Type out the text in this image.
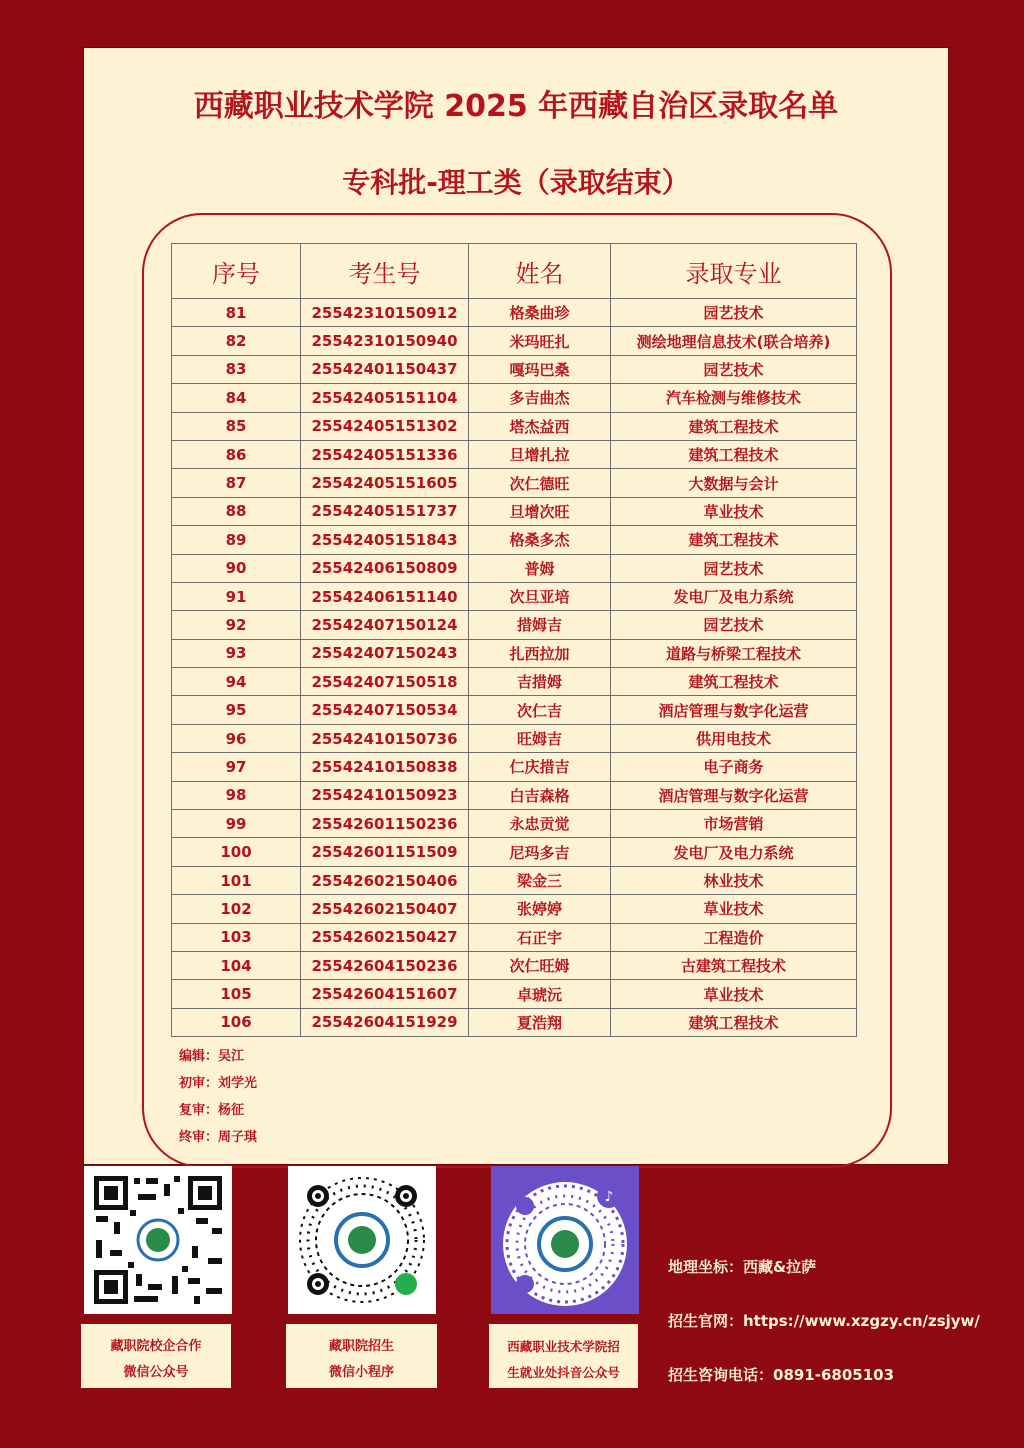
西藏职业技术学院 2025 年西藏自治区录取名单
专科批-理工类（录取结束）
序号	考生号	姓名	录取专业
81	25542310150912	格桑曲珍	园艺技术
82	25542310150940	米玛旺扎	测绘地理信息技术(联合培养)
83	25542401150437	嘎玛巴桑	园艺技术
84	25542405151104	多吉曲杰	汽车检测与维修技术
85	25542405151302	塔杰益西	建筑工程技术
86	25542405151336	旦增扎拉	建筑工程技术
87	25542405151605	次仁德旺	大数据与会计
88	25542405151737	旦增次旺	草业技术
89	25542405151843	格桑多杰	建筑工程技术
90	25542406150809	普姆	园艺技术
91	25542406151140	次旦亚培	发电厂及电力系统
92	25542407150124	措姆吉	园艺技术
93	25542407150243	扎西拉加	道路与桥梁工程技术
94	25542407150518	吉措姆	建筑工程技术
95	25542407150534	次仁吉	酒店管理与数字化运营
96	25542410150736	旺姆吉	供用电技术
97	25542410150838	仁庆措吉	电子商务
98	25542410150923	白吉森格	酒店管理与数字化运营
99	25542601150236	永忠贡觉	市场营销
100	25542601151509	尼玛多吉	发电厂及电力系统
101	25542602150406	梁金三	林业技术
102	25542602150407	张婷婷	草业技术
103	25542602150427	石正宇	工程造价
104	25542604150236	次仁旺姆	古建筑工程技术
105	25542604151607	卓琥沅	草业技术
106	25542604151929	夏浩翔	建筑工程技术
编辑：吴江
初审：刘学光
复审：杨征
终审：周子琪
♪
藏职院校企合作
微信公众号
藏职院招生
微信小程序
西藏职业技术学院招
生就业处抖音公众号
地理坐标：西藏&拉萨
招生官网：https://www.xzgzy.cn/zsjyw/
招生咨询电话：0891-6805103
